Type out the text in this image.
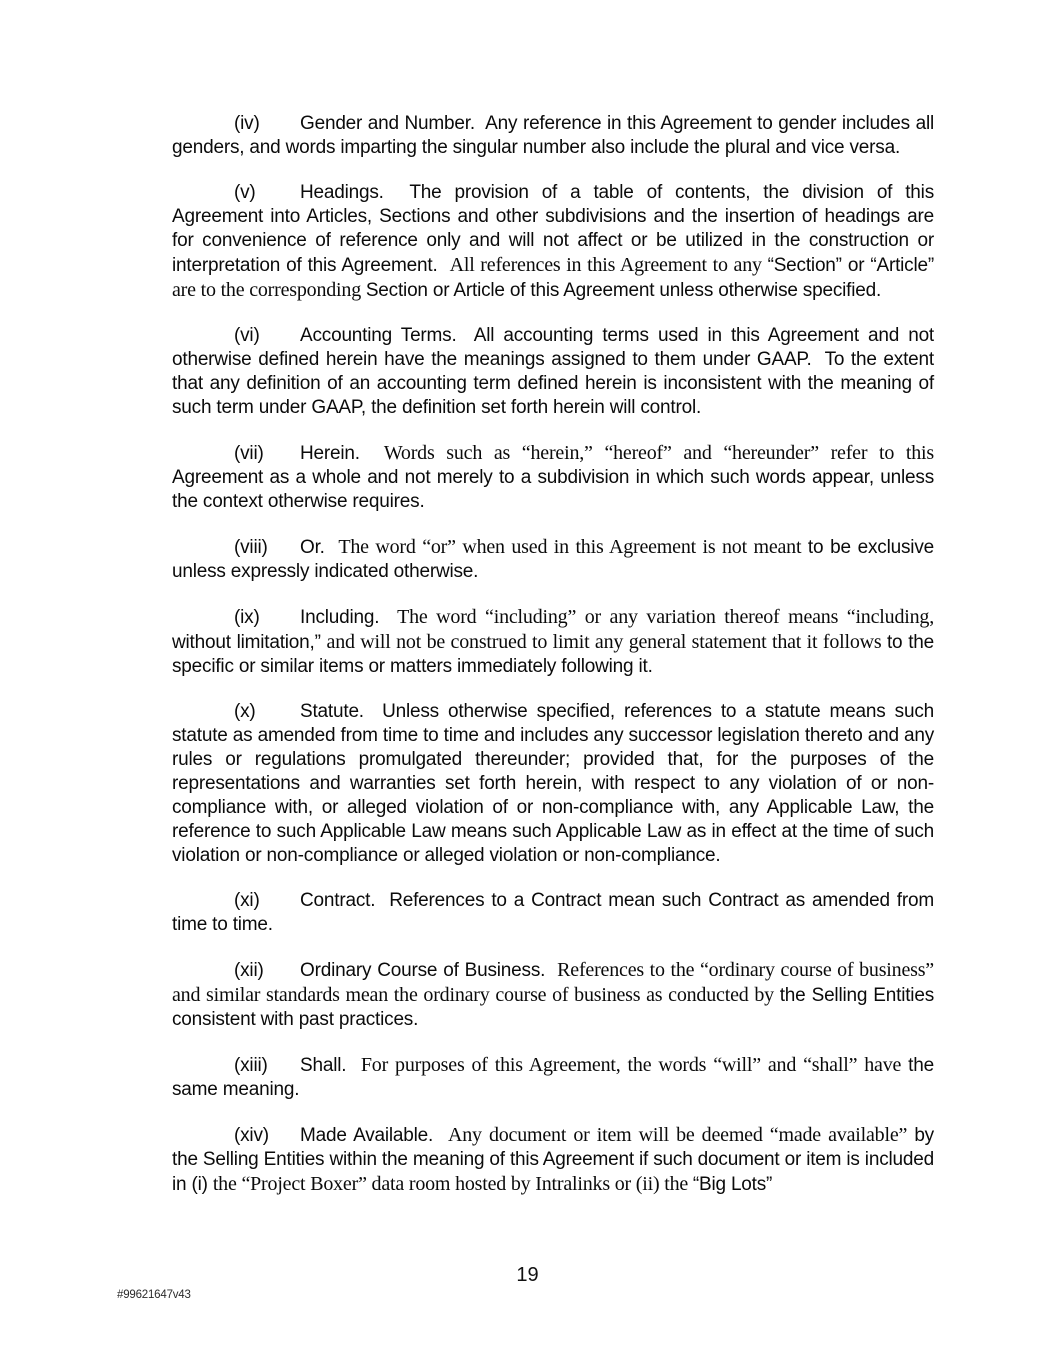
(iv) Gender and Number. Any reference in this Agreement to gender includes all genders, and words imparting the singular number also include the plural and vice versa.

(v) Headings. The provision of a table of contents, the division of this Agreement into Articles, Sections and other subdivisions and the insertion of headings are for convenience of reference only and will not affect or be utilized in the construction or interpretation of this Agreement.  All references in this Agreement to any “Section” or “Article” are to the corresponding Section or Article of this Agreement unless otherwise specified.

(vi) Accounting Terms. All accounting terms used in this Agreement and not otherwise defined herein have the meanings assigned to them under GAAP.  To the extent that any definition of an accounting term defined herein is inconsistent with the meaning of such term under GAAP, the definition set forth herein will control.

(vii) Herein. Words such as “herein,” “hereof” and “hereunder” refer to this Agreement as a whole and not merely to a subdivision in which such words appear, unless the context otherwise requires.

(viii) Or. The word “or” when used in this Agreement is not meant to be exclusive unless expressly indicated otherwise.

(ix) Including. The word “including” or any variation thereof means “including, without limitation,” and will not be construed to limit any general statement that it follows to the specific or similar items or matters immediately following it.

(x) Statute. Unless otherwise specified, references to a statute means such statute as amended from time to time and includes any successor legislation thereto and any rules or regulations promulgated thereunder; provided that, for the purposes of the representations and warranties set forth herein, with respect to any violation of or non-compliance with, or alleged violation of or non-compliance with, any Applicable Law, the reference to such Applicable Law means such Applicable Law as in effect at the time of such violation or non-compliance or alleged violation or non-compliance.

(xi) Contract. References to a Contract mean such Contract as amended from time to time.

(xii) Ordinary Course of Business. References to the “ordinary course of business” and similar standards mean the ordinary course of business as conducted by the Selling Entities consistent with past practices.

(xiii) Shall. For purposes of this Agreement, the words “will” and “shall” have the same meaning.

(xiv) Made Available. Any document or item will be deemed “made available” by the Selling Entities within the meaning of this Agreement if such document or item is included in (i) the “Project Boxer” data room hosted by Intralinks or (ii) the “Big Lots”

19
#99621647v43
